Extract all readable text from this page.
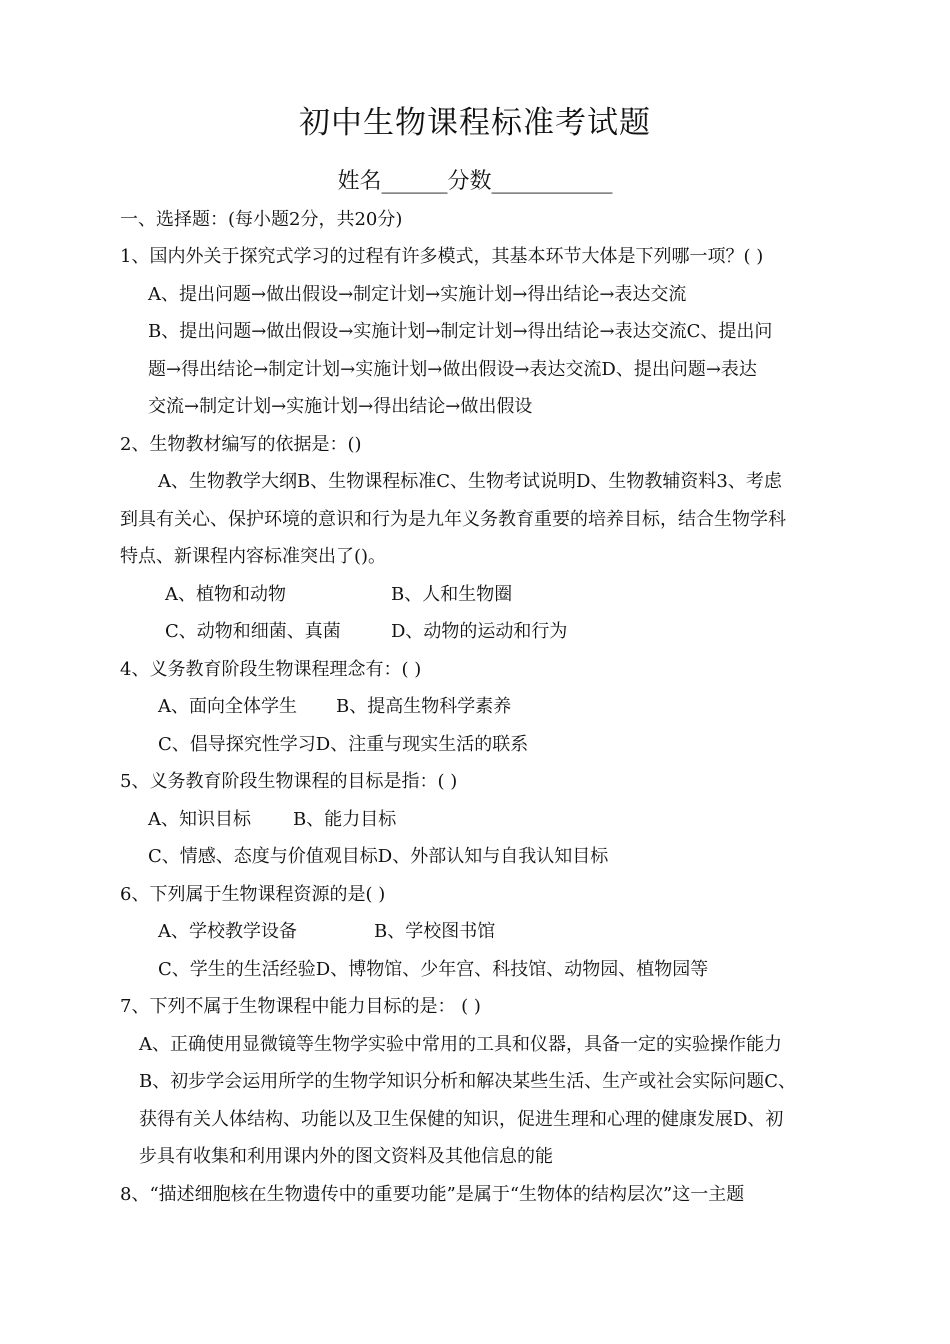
初中生物课程标准考试题
姓名______分数___________
一、选择题：(每小题2分，共20分)
1、国内外关于探究式学习的过程有许多模式，其基本环节大体是下列哪一项？( )
A、提出问题→做出假设→制定计划→实施计划→得出结论→表达交流
B、提出问题→做出假设→实施计划→制定计划→得出结论→表达交流C、提出问
题→得出结论→制定计划→实施计划→做出假设→表达交流D、提出问题→表达
交流→制定计划→实施计划→得出结论→做出假设
2、生物教材编写的依据是：()
A、生物教学大纲B、生物课程标准C、生物考试说明D、生物教辅资料3、考虑
到具有关心、保护环境的意识和行为是九年义务教育重要的培养目标，结合生物学科
特点、新课程内容标准突出了()。
A、植物和动物	B、人和生物圈
C、动物和细菌、真菌	D、动物的运动和行为
4、义务教育阶段生物课程理念有：( )
A、面向全体学生 B、提高生物科学素养
C、倡导探究性学习D、注重与现实生活的联系
5、义务教育阶段生物课程的目标是指：( )
A、知识目标 B、能力目标
C、情感、态度与价值观目标D、外部认知与自我认知目标
6、下列属于生物课程资源的是( )
A、学校教学设备	B、学校图书馆
C、学生的生活经验D、博物馆、少年宫、科技馆、动物园、植物园等
7、下列不属于生物课程中能力目标的是： ( )
A、正确使用显微镜等生物学实验中常用的工具和仪器，具备一定的实验操作能力
B、初步学会运用所学的生物学知识分析和解决某些生活、生产或社会实际问题C、
获得有关人体结构、功能以及卫生保健的知识，促进生理和心理的健康发展D、初
步具有收集和利用课内外的图文资料及其他信息的能
8、“描述细胞核在生物遗传中的重要功能”是属于“生物体的结构层次”这一主题
